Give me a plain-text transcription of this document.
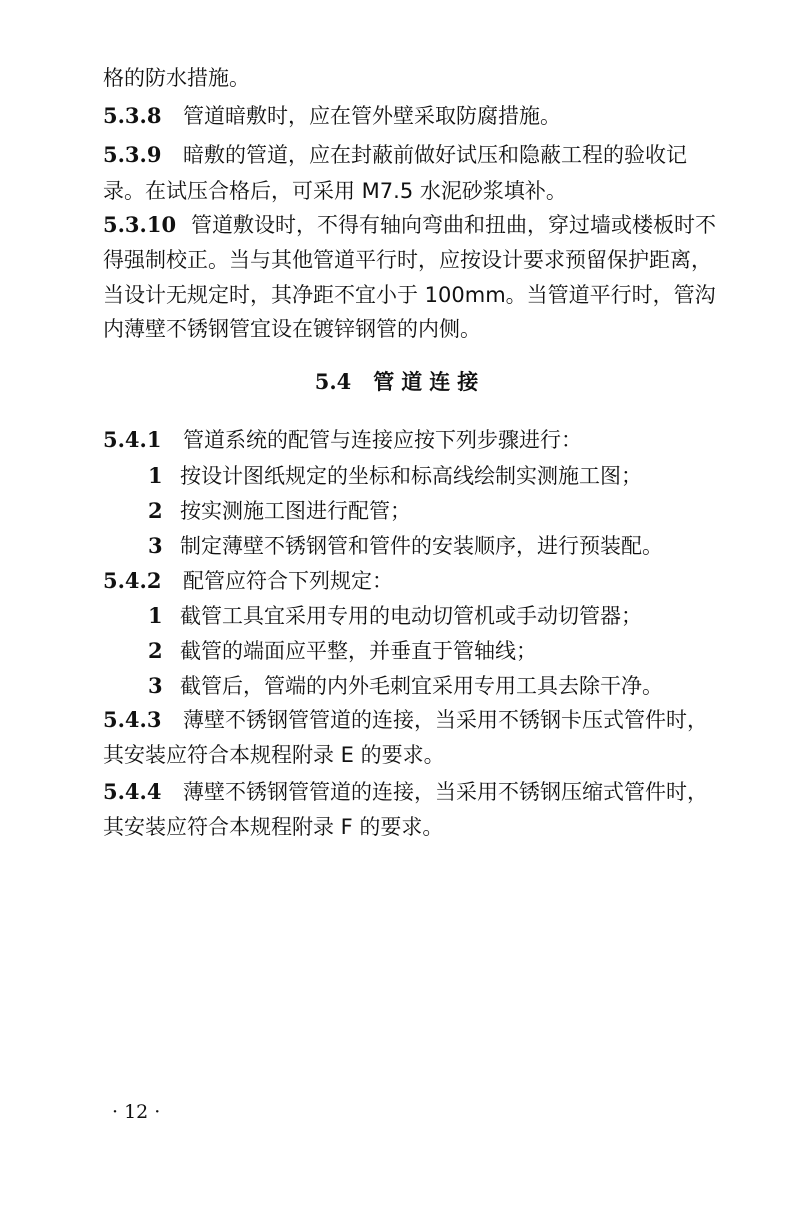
格的防水措施。
5.3.8 管道暗敷时，应在管外壁采取防腐措施。
5.3.9 暗敷的管道，应在封蔽前做好试压和隐蔽工程的验收记
录。在试压合格后，可采用 M7.5 水泥砂浆填补。
5.3.10 管道敷设时，不得有轴向弯曲和扭曲，穿过墙或楼板时不
得强制校正。当与其他管道平行时，应按设计要求预留保护距离，
当设计无规定时，其净距不宜小于 100mm。当管道平行时，管沟
内薄壁不锈钢管宜设在镀锌钢管的内侧。
5.4 管道连接
5.4.1 管道系统的配管与连接应按下列步骤进行：
1 按设计图纸规定的坐标和标高线绘制实测施工图；
2 按实测施工图进行配管；
3 制定薄壁不锈钢管和管件的安装顺序，进行预装配。
5.4.2 配管应符合下列规定：
1 截管工具宜采用专用的电动切管机或手动切管器；
2 截管的端面应平整，并垂直于管轴线；
3 截管后，管端的内外毛刺宜采用专用工具去除干净。
5.4.3 薄壁不锈钢管管道的连接，当采用不锈钢卡压式管件时，
其安装应符合本规程附录 E 的要求。
5.4.4 薄壁不锈钢管管道的连接，当采用不锈钢压缩式管件时，
其安装应符合本规程附录 F 的要求。
· 12 ·
